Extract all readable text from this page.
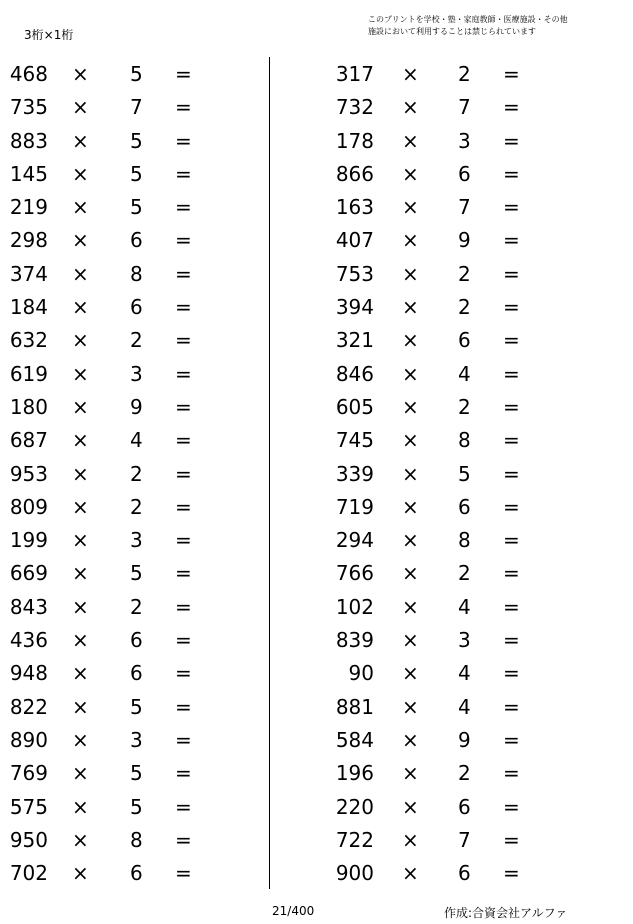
3桁×1桁
このプリントを学校・塾・家庭教師・医療施設・その他
施設において利用することは禁じられています
468 × 5 =
735 × 7 =
883 × 5 =
145 × 5 =
219 × 5 =
298 × 6 =
374 × 8 =
184 × 6 =
632 × 2 =
619 × 3 =
180 × 9 =
687 × 4 =
953 × 2 =
809 × 2 =
199 × 3 =
669 × 5 =
843 × 2 =
436 × 6 =
948 × 6 =
822 × 5 =
890 × 3 =
769 × 5 =
575 × 5 =
950 × 8 =
702 × 6 =
317 × 2 =
732 × 7 =
178 × 3 =
866 × 6 =
163 × 7 =
407 × 9 =
753 × 2 =
394 × 2 =
321 × 6 =
846 × 4 =
605 × 2 =
745 × 8 =
339 × 5 =
719 × 6 =
294 × 8 =
766 × 2 =
102 × 4 =
839 × 3 =
90 × 4 =
881 × 4 =
584 × 9 =
196 × 2 =
220 × 6 =
722 × 7 =
900 × 6 =
21/400	作成:合資会社アルファ
